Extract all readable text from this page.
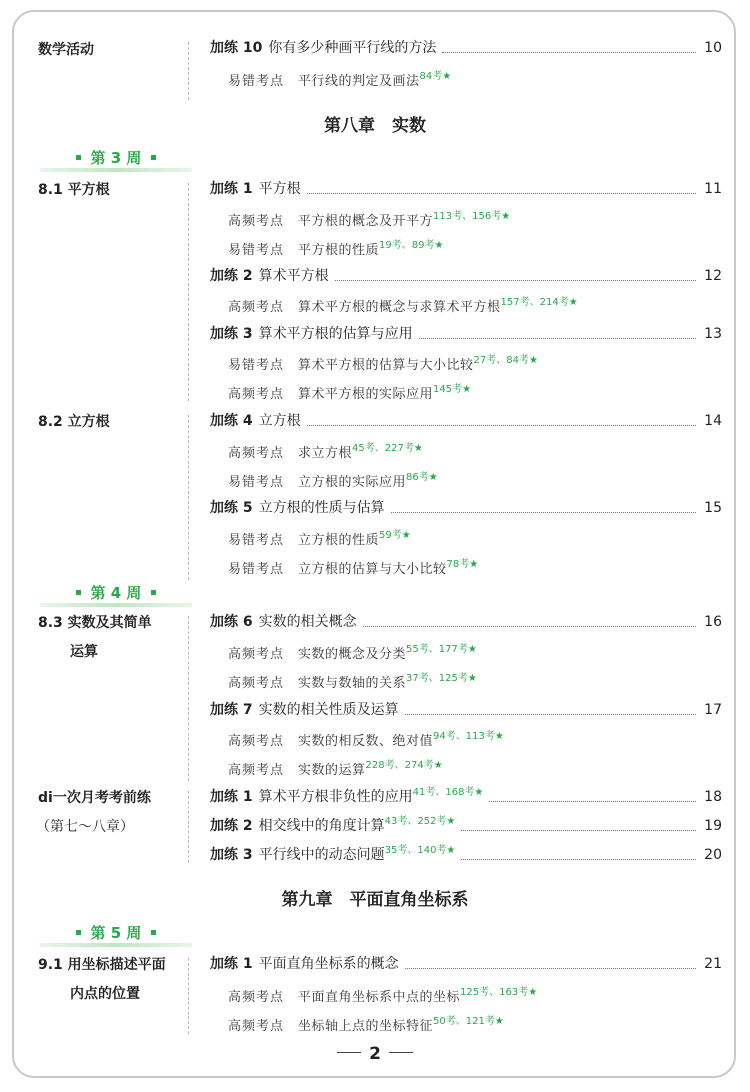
数学活动	加练 10 你有多少种画平行线的方法	10
易错考点 平行线的判定及画法$^{84考★}$
第八章　实数
第 3 周
8.1 平方根	加练 1 平方根	11
高频考点 平方根的概念及开平方$^{113考、156考★}$
易错考点 平方根的性质$^{19考、89考★}$
加练 2 算术平方根	12
高频考点 算术平方根的概念与求算术平方根$^{157考、214考★}$
加练 3 算术平方根的估算与应用	13
易错考点 算术平方根的估算与大小比较$^{27考、84考★}$
高频考点 算术平方根的实际应用$^{145考★}$
8.2 立方根	加练 4 立方根	14
高频考点 求立方根$^{45考、227考★}$
易错考点 立方根的实际应用$^{86考★}$
加练 5 立方根的性质与估算	15
易错考点 立方根的性质$^{59考★}$
易错考点 立方根的估算与大小比较$^{78考★}$
第 4 周
8.3 实数及其简单
运算
加练 6 实数的相关概念	16
高频考点 实数的概念及分类$^{55考、177考★}$
高频考点 实数与数轴的关系$^{37考、125考★}$
加练 7 实数的相关性质及运算	17
高频考点 实数的相反数、绝对值$^{94考、113考★}$
高频考点 实数的运算$^{228考、274考★}$
di一次月考考前练
（第七～八章）
加练 1 算术平方根非负性的应用$^{41考、168考★}$	18
加练 2 相交线中的角度计算$^{43考、252考★}$	19
加练 3 平行线中的动态问题$^{35考、140考★}$	20
第九章　平面直角坐标系
第 5 周
9.1 用坐标描述平面
内点的位置
加练 1 平面直角坐标系的概念	21
高频考点 平面直角坐标系中点的坐标$^{125考、163考★}$
高频考点 坐标轴上点的坐标特征$^{50考、121考★}$
2
